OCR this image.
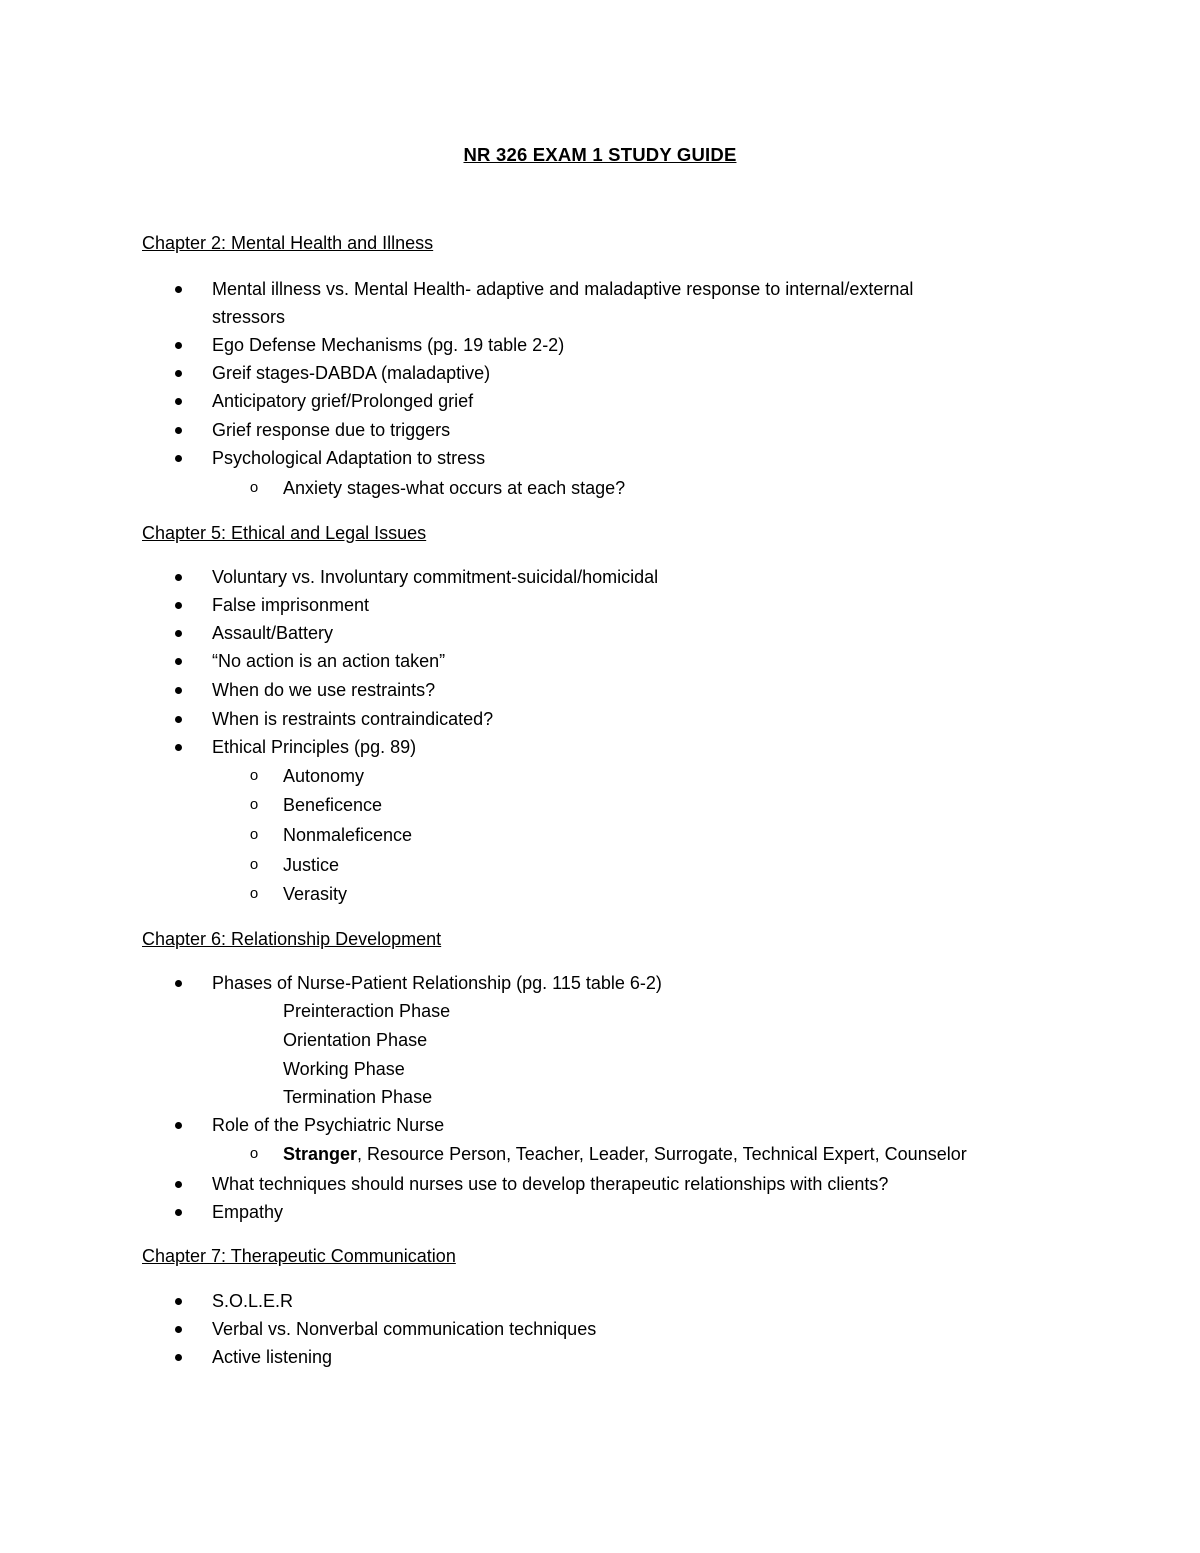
NR 326 EXAM 1 STUDY GUIDE
Chapter 2: Mental Health and Illness
Mental illness vs. Mental Health- adaptive and maladaptive response to internal/external
stressors
Ego Defense Mechanisms (pg. 19 table 2-2)
Greif stages-DABDA (maladaptive)
Anticipatory grief/Prolonged grief
Grief response due to triggers
Psychological Adaptation to stress
o Anxiety stages-what occurs at each stage?
Chapter 5: Ethical and Legal Issues
Voluntary vs. Involuntary commitment-suicidal/homicidal
False imprisonment
Assault/Battery
“No action is an action taken”
When do we use restraints?
When is restraints contraindicated?
Ethical Principles (pg. 89)
o Autonomy
o Beneficence
o Nonmaleficence
o Justice
o Verasity
Chapter 6: Relationship Development
Phases of Nurse-Patient Relationship (pg. 115 table 6-2)
Preinteraction Phase
Orientation Phase
Working Phase
Termination Phase
Role of the Psychiatric Nurse
o Stranger, Resource Person, Teacher, Leader, Surrogate, Technical Expert, Counselor
What techniques should nurses use to develop therapeutic relationships with clients?
Empathy
Chapter 7: Therapeutic Communication
S.O.L.E.R
Verbal vs. Nonverbal communication techniques
Active listening
